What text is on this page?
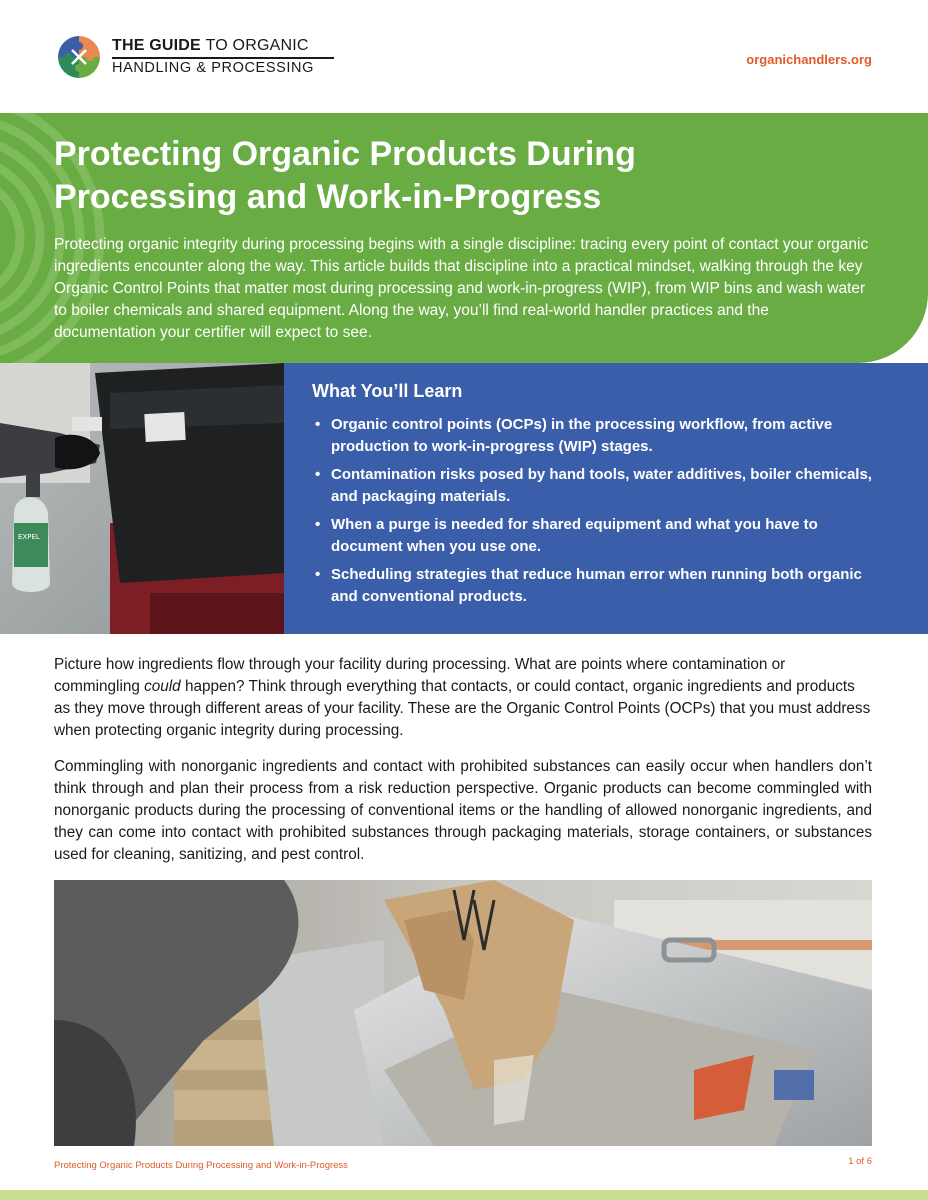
THE GUIDE TO ORGANIC
HANDLING & PROCESSING
organichandlers.org
Protecting Organic Products During
Processing and Work-in-Progress

Protecting organic integrity during processing begins with a single discipline: tracing every point of contact your organic ingredients encounter along the way. This article builds that discipline into a practical mindset, walking through the key Organic Control Points that matter most during processing and work-in-progress (WIP), from WIP bins and wash water to boiler chemicals and shared equipment. Along the way, you’ll find real-world handler practices and the documentation your certifier will expect to see.

EXPEL
What You’ll Learn
• Organic control points (OCPs) in the processing workflow, from active production to work-in-progress (WIP) stages.
• Contamination risks posed by hand tools, water additives, boiler chemicals, and packaging materials.
• When a purge is needed for shared equipment and what you have to document when you use one.
• Scheduling strategies that reduce human error when running both organic and conventional products.

Picture how ingredients flow through your facility during processing. What are points where contamination or commingling could happen? Think through everything that contacts, or could contact, organic ingredients and products as they move through different areas of your facility. These are the Organic Control Points (OCPs) that you must address when protecting organic integrity during processing.

Commingling with nonorganic ingredients and contact with prohibited substances can easily occur when handlers don’t think through and plan their process from a risk reduction perspective. Organic products can become commingled with nonorganic products during the processing of conventional items or the handling of allowed nonorganic ingredients, and they can come into contact with prohibited substances through packaging materials, storage containers, or substances used for cleaning, sanitizing, and pest control.

Protecting Organic Products During Processing and Work-in-Progress	1 of 6
